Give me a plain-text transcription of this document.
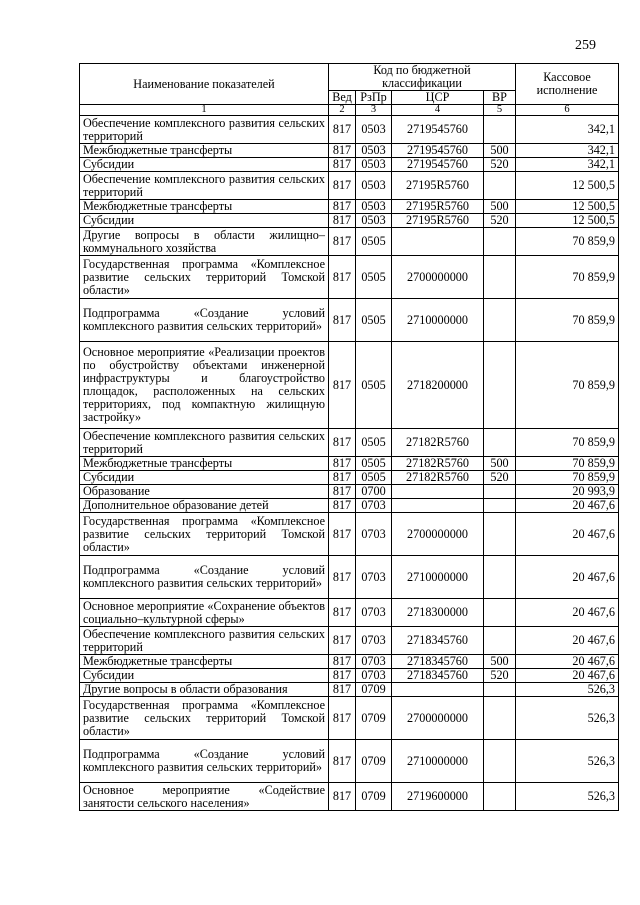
259
Наименование показателей	Код по бюджетной классификации				Кассовое исполнение
	Вед	РзПр	ЦСР	ВР	
1	2	3	4	5	6
Обеспечение комплексного развития сельских территорий	817	0503	2719545760		342,1
Межбюджетные трансферты	817	0503	2719545760	500	342,1
Субсидии	817	0503	2719545760	520	342,1
Обеспечение комплексного развития сельских территорий	817	0503	27195R5760		12 500,5
Межбюджетные трансферты	817	0503	27195R5760	500	12 500,5
Субсидии	817	0503	27195R5760	520	12 500,5
Другие вопросы в области жилищно–коммунального хозяйства	817	0505			70 859,9
Государственная программа «Комплексное развитие сельских территорий Томской области»	817	0505	2700000000		70 859,9
Подпрограмма «Создание условий комплексного развития сельских территорий»	817	0505	2710000000		70 859,9
Основное мероприятие «Реализации проектов по обустройству объектами инженерной инфраструктуры и благоустройство площадок, расположенных на сельских территориях, под компактную жилищную застройку»	817	0505	2718200000		70 859,9
Обеспечение комплексного развития сельских территорий	817	0505	27182R5760		70 859,9
Межбюджетные трансферты	817	0505	27182R5760	500	70 859,9
Субсидии	817	0505	27182R5760	520	70 859,9
Образование	817	0700			20 993,9
Дополнительное образование детей	817	0703			20 467,6
Государственная программа «Комплексное развитие сельских территорий Томской области»	817	0703	2700000000		20 467,6
Подпрограмма «Создание условий комплексного развития сельских территорий»	817	0703	2710000000		20 467,6
Основное мероприятие «Сохранение объектов социально–культурной сферы»	817	0703	2718300000		20 467,6
Обеспечение комплексного развития сельских территорий	817	0703	2718345760		20 467,6
Межбюджетные трансферты	817	0703	2718345760	500	20 467,6
Субсидии	817	0703	2718345760	520	20 467,6
Другие вопросы в области образования	817	0709			526,3
Государственная программа «Комплексное развитие сельских территорий Томской области»	817	0709	2700000000		526,3
Подпрограмма «Создание условий комплексного развития сельских территорий»	817	0709	2710000000		526,3
Основное мероприятие «Содействие занятости сельского населения»	817	0709	2719600000		526,3
